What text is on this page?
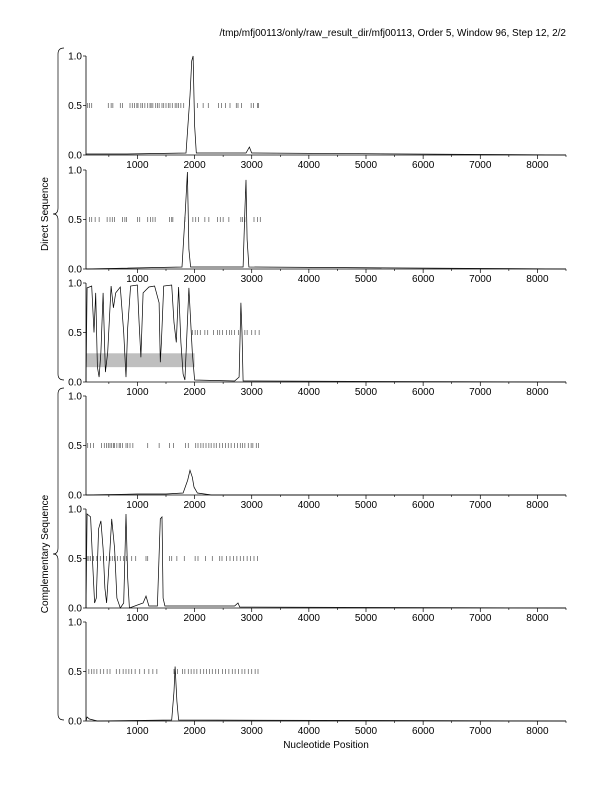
/tmp/mfj00113/only/raw_result_dir/mfj00113, Order 5, Window 96, Step 12, 2/2
Direct Sequence
Complementary Sequence
0.0
0.5
1.0
1000	2000	3000	4000	5000	6000	7000	8000
0.0
0.5
1.0
1000	2000	3000	4000	5000	6000	7000	8000
0.0
0.5
1.0
1000	2000	3000	4000	5000	6000	7000	8000
0.0
0.5
1.0
1000	2000	3000	4000	5000	6000	7000	8000
0.0
0.5
1.0
1000	2000	3000	4000	5000	6000	7000	8000
0.0
0.5
1.0
1000	2000	3000	4000	5000	6000	7000	8000
Nucleotide Position
